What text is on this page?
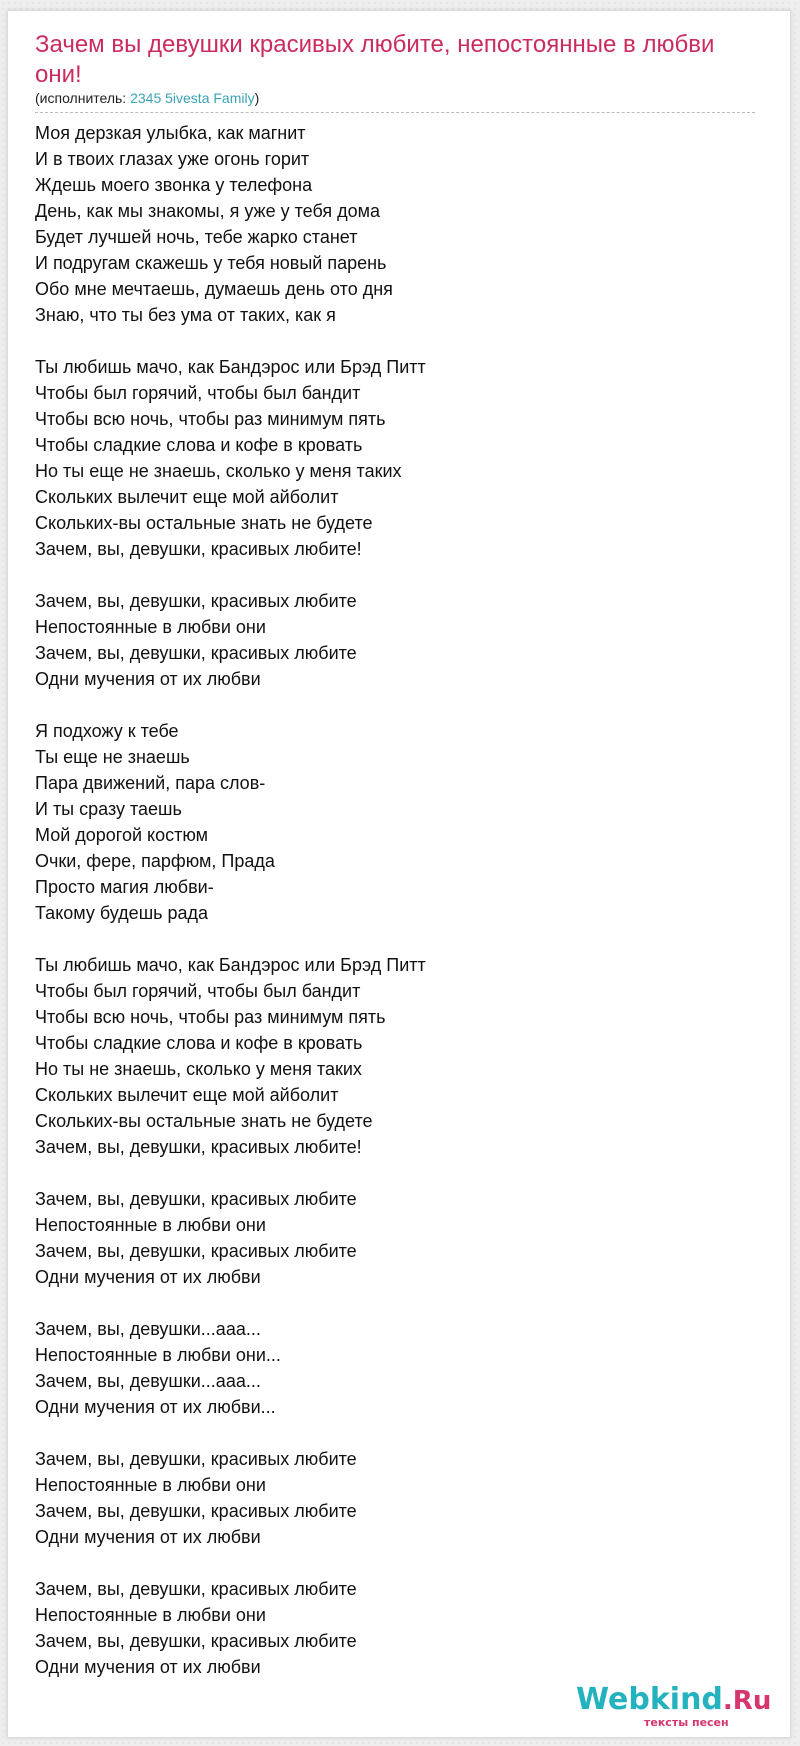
Зачем вы девушки красивых любите, непостоянные в любви они!
(исполнитель: 2345 5ivesta Family)
Моя дерзкая улыбка, как магнит
И в твоих глазах уже огонь горит
Ждешь моего звонка у телефона
День, как мы знакомы, я уже у тебя дома
Будет лучшей ночь, тебе жарко станет
И подругам скажешь у тебя новый парень
Обо мне мечтаешь, думаешь день ото дня
Знаю, что ты без ума от таких, как я
Ты любишь мачо, как Бандэрос или Брэд Питт
Чтобы был горячий, чтобы был бандит
Чтобы всю ночь, чтобы раз минимум пять
Чтобы сладкие слова и кофе в кровать
Но ты еще не знаешь, сколько у меня таких
Скольких вылечит еще мой айболит
Скольких-вы остальные знать не будете
Зачем, вы, девушки, красивых любите!
Зачем, вы, девушки, красивых любите
Непостоянные в любви они
Зачем, вы, девушки, красивых любите
Одни мучения от их любви
Я подхожу к тебе
Ты еще не знаешь
Пара движений, пара слов-
И ты сразу таешь
Мой дорогой костюм
Очки, фере, парфюм, Прада
Просто магия любви-
Такому будешь рада
Ты любишь мачо, как Бандэрос или Брэд Питт
Чтобы был горячий, чтобы был бандит
Чтобы всю ночь, чтобы раз минимум пять
Чтобы сладкие слова и кофе в кровать
Но ты не знаешь, сколько у меня таких
Скольких вылечит еще мой айболит
Скольких-вы остальные знать не будете
Зачем, вы, девушки, красивых любите!
Зачем, вы, девушки, красивых любите
Непостоянные в любви они
Зачем, вы, девушки, красивых любите
Одни мучения от их любви
Зачем, вы, девушки...ааа...
Непостоянные в любви они...
Зачем, вы, девушки...ааа...
Одни мучения от их любви...
Зачем, вы, девушки, красивых любите
Непостоянные в любви они
Зачем, вы, девушки, красивых любите
Одни мучения от их любви
Зачем, вы, девушки, красивых любите
Непостоянные в любви они
Зачем, вы, девушки, красивых любите
Одни мучения от их любви
Webkind.Ru
тексты песен
